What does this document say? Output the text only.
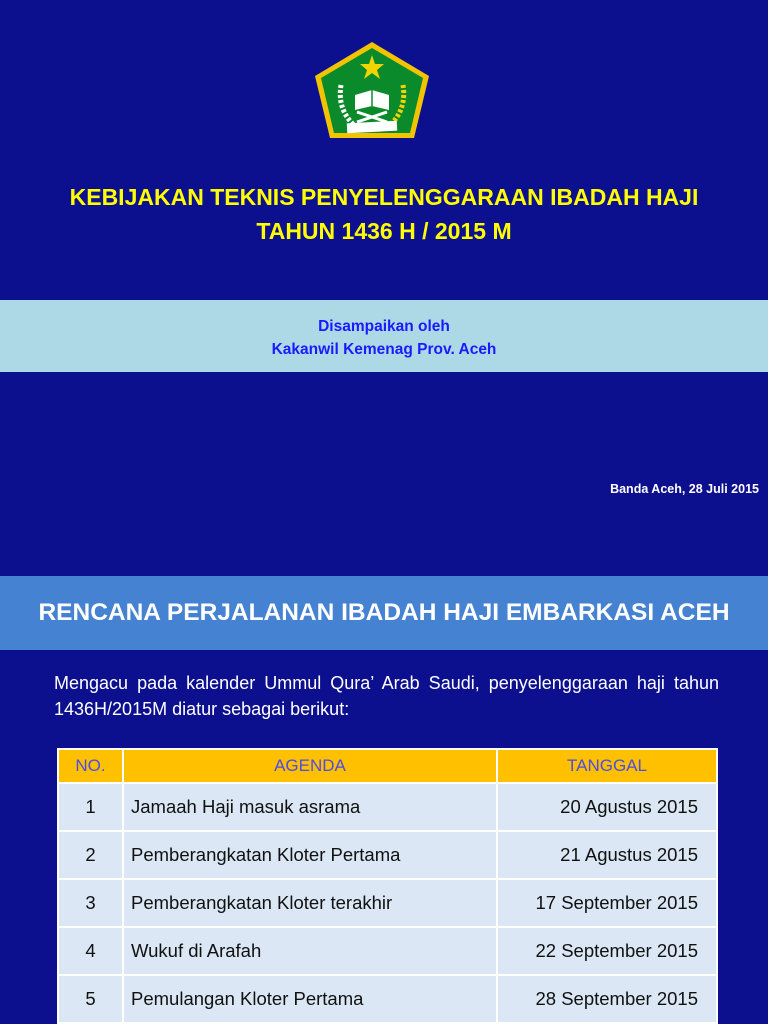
KEBIJAKAN TEKNIS PENYELENGGARAAN IBADAH HAJI
TAHUN 1436 H / 2015 M
Disampaikan oleh
Kakanwil Kemenag Prov. Aceh
Banda Aceh, 28 Juli 2015
RENCANA PERJALANAN IBADAH HAJI EMBARKASI ACEH

Mengacu pada kalender Ummul Qura’ Arab Saudi, penyelenggaraan haji tahun 1436H/2015M diatur sebagai berikut:

NO.	AGENDA	TANGGAL
1	Jamaah Haji masuk asrama	20 Agustus 2015
2	Pemberangkatan Kloter Pertama	21 Agustus 2015
3	Pemberangkatan Kloter terakhir	17 September 2015
4	Wukuf di Arafah	22 September 2015
5	Pemulangan Kloter Pertama	28 September 2015
